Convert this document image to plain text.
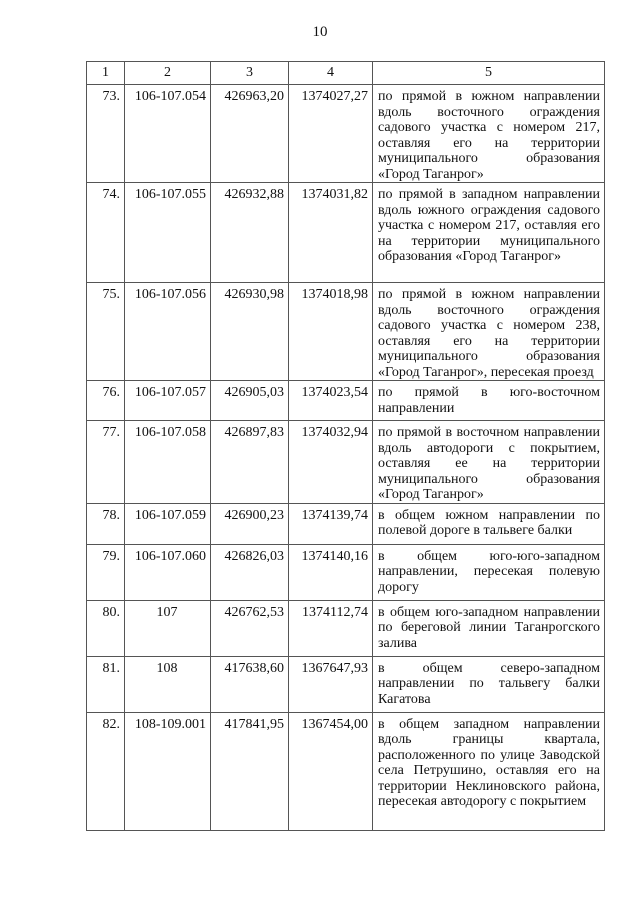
10
1	2	3	4	5

73.	106-107.054	426963,20	1374027,27	по прямой в южном направлении вдоль восточного ограждения садового участка с номером 217, оставляя его на территории муниципального образования «Город Таганрог»

74.	106-107.055	426932,88	1374031,82	по прямой в западном направлении вдоль южного ограждения садового участка с номером 217, оставляя его на территории муниципального образования «Город Таганрог»

75.	106-107.056	426930,98	1374018,98	по прямой в южном направлении вдоль восточного ограждения садового участка с номером 238, оставляя его на территории муниципального образования «Город Таганрог», пересекая проезд

76.	106-107.057	426905,03	1374023,54	по прямой в юго-восточном направлении

77.	106-107.058	426897,83	1374032,94	по прямой в восточном направлении вдоль автодороги с покрытием, оставляя ее на территории муниципального образования «Город Таганрог»

78.	106-107.059	426900,23	1374139,74	в общем южном направлении по полевой дороге в тальвеге балки

79.	106-107.060	426826,03	1374140,16	в общем юго-юго-западном направлении, пересекая полевую дорогу

80.	107	426762,53	1374112,74	в общем юго-западном направлении по береговой линии Таганрогского залива

81.	108	417638,60	1367647,93	в общем северо-западном направлении по тальвегу балки Кагатова

82.	108-109.001	417841,95	1367454,00	в общем западном направлении вдоль границы квартала, расположенного по улице Заводской села Петрушино, оставляя его на территории Неклиновского района, пересекая автодорогу с покрытием
